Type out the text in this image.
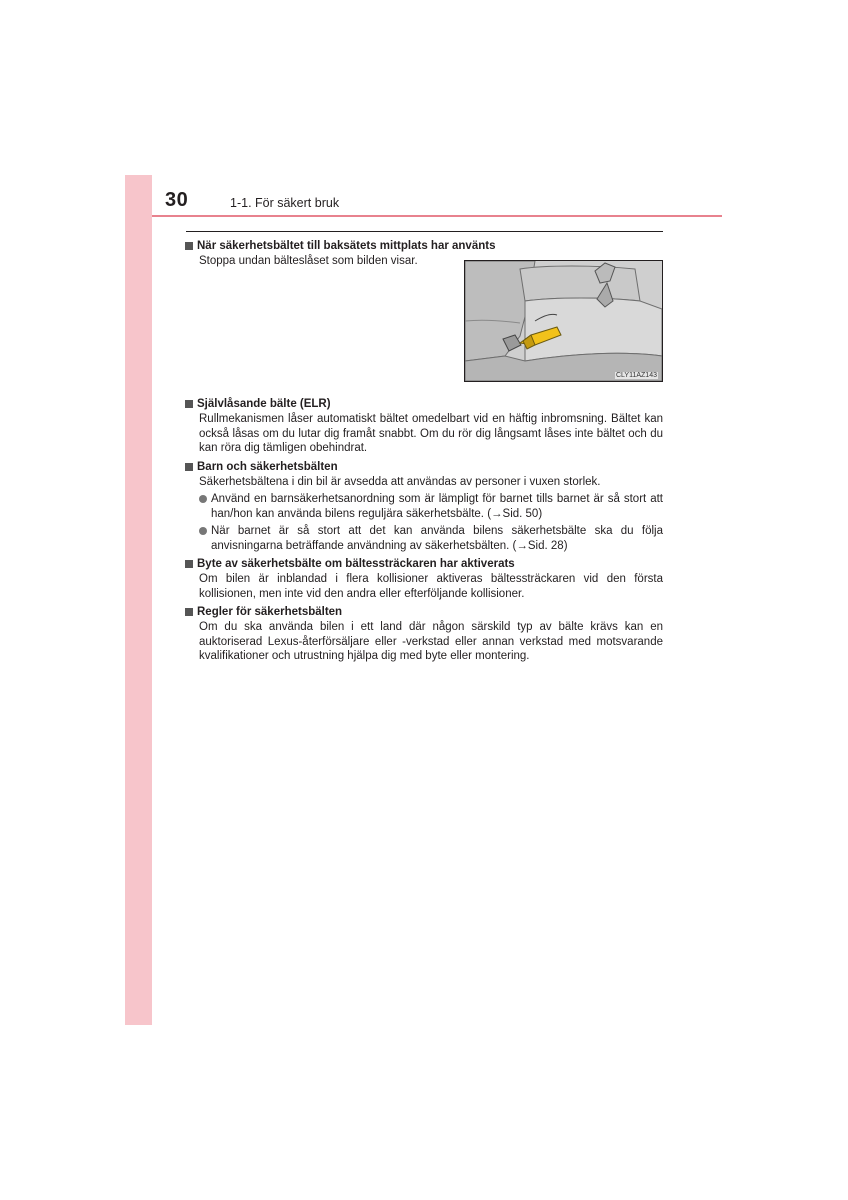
30	1-1. För säkert bruk
När säkerhetsbältet till baksätets mittplats har använts
Stoppa undan bälteslåset som bilden visar.
CLY11AZ143
Självlåsande bälte (ELR)
Rullmekanismen låser automatiskt bältet omedelbart vid en häftig inbromsning. Bältet kan också låsas om du lutar dig framåt snabbt. Om du rör dig långsamt låses inte bältet och du kan röra dig tämligen obehindrat.
Barn och säkerhetsbälten
Säkerhetsbältena i din bil är avsedda att användas av personer i vuxen storlek.
Använd en barnsäkerhetsanordning som är lämpligt för barnet tills barnet är så stort att han/hon kan använda bilens reguljära säkerhetsbälte. (→Sid. 50)
När barnet är så stort att det kan använda bilens säkerhetsbälte ska du följa anvisningarna beträffande användning av säkerhetsbälten. (→Sid. 28)
Byte av säkerhetsbälte om bältessträckaren har aktiverats
Om bilen är inblandad i flera kollisioner aktiveras bältessträckaren vid den första kollisionen, men inte vid den andra eller efterföljande kollisioner.
Regler för säkerhetsbälten
Om du ska använda bilen i ett land där någon särskild typ av bälte krävs kan en auktoriserad Lexus-återförsäljare eller -verkstad eller annan verkstad med motsvarande kvalifikationer och utrustning hjälpa dig med byte eller montering.
